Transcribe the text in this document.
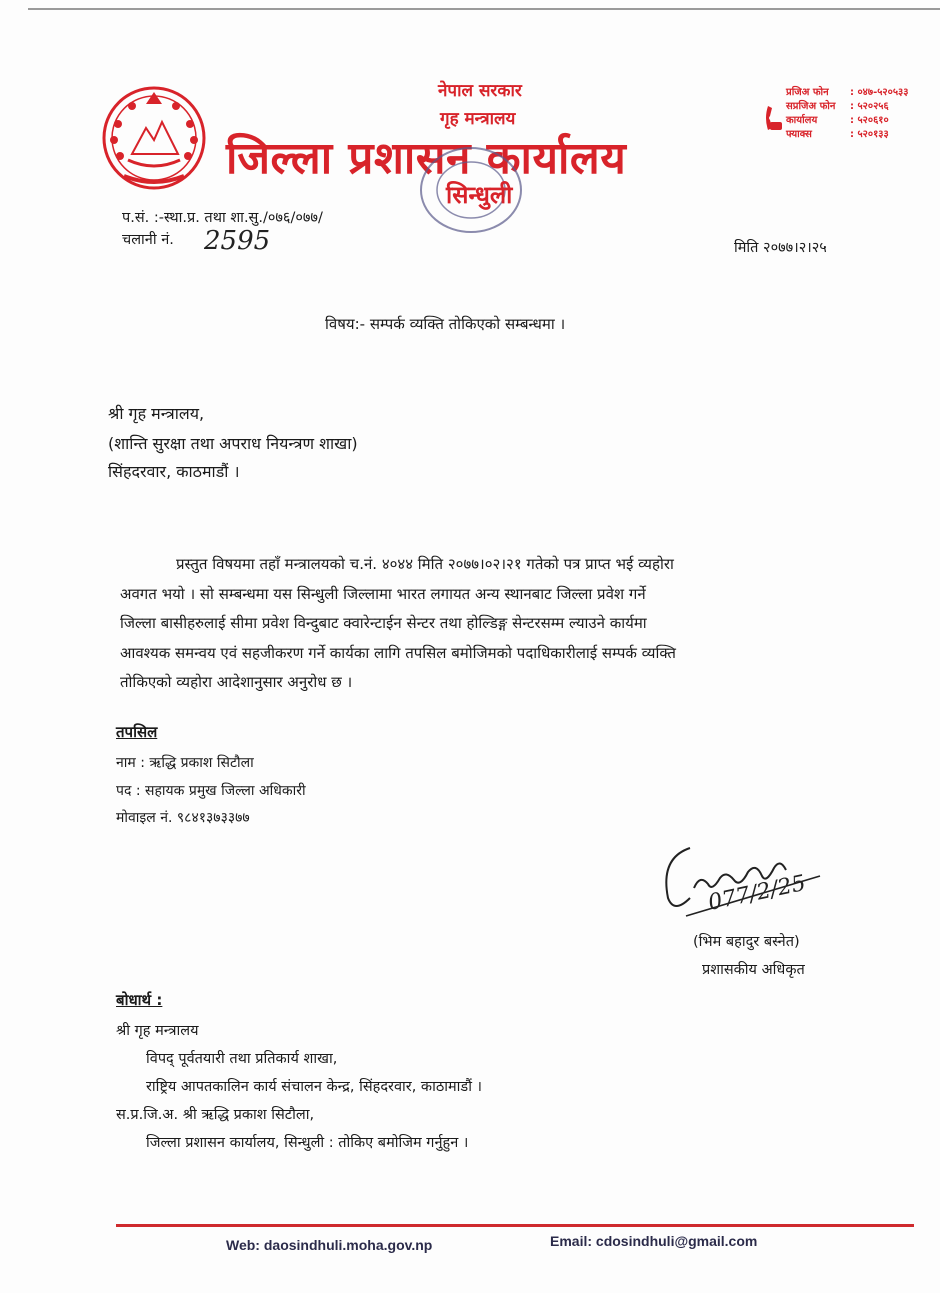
नेपाल सरकार
गृह मन्त्रालय
जिल्ला प्रशासन कार्यालय
सिन्धुली
प्रजिअ फोन	: ०४७-५२०५३३
सप्रजिअ फोन	: ५२०२५६
कार्यालय	: ५२०६१०
फ्याक्स	: ५२०१३३
प.सं. :-स्था.प्र. तथा शा.सु./०७६/०७७/
चलानी नं. 2595	मिति २०७७।२।२५
विषय:- सम्पर्क व्यक्ति तोकिएको सम्बन्धमा ।
श्री गृह मन्त्रालय,
(शान्ति सुरक्षा तथा अपराध नियन्त्रण शाखा)
सिंहदरवार, काठमाडौं ।

प्रस्तुत विषयमा तहाँ मन्त्रालयको च.नं. ४०४४ मिति २०७७।०२।२१ गतेको पत्र प्राप्त भई व्यहोरा

अवगत भयो । सो सम्बन्धमा यस सिन्धुली जिल्लामा भारत लगायत अन्य स्थानबाट जिल्ला प्रवेश गर्ने

जिल्ला बासीहरुलाई सीमा प्रवेश विन्दुबाट क्वारेन्टाईन सेन्टर तथा होल्डिङ्ग सेन्टरसम्म ल्याउने कार्यमा

आवश्यक समन्वय एवं सहजीकरण गर्ने कार्यका लागि तपसिल बमोजिमको पदाधिकारीलाई सम्पर्क व्यक्ति

तोकिएको व्यहोरा आदेशानुसार अनुरोध छ ।

तपसिल
नाम : ऋद्धि प्रकाश सिटौला
पद : सहायक प्रमुख जिल्ला अधिकारी
मोवाइल नं. ९८४१३७३३७७
077/2/25
(भिम बहादुर बस्नेत)
प्रशासकीय अधिकृत
बोधार्थ :
श्री गृह मन्त्रालय
विपद् पूर्वतयारी तथा प्रतिकार्य शाखा,
राष्ट्रिय आपतकालिन कार्य संचालन केन्द्र, सिंहदरवार, काठामाडौं ।
स.प्र.जि.अ. श्री ऋद्धि प्रकाश सिटौला,
जिल्ला प्रशासन कार्यालय, सिन्धुली : तोकिए बमोजिम गर्नुहुन ।
Web: daosindhuli.moha.gov.np	Email: cdosindhuli@gmail.com
